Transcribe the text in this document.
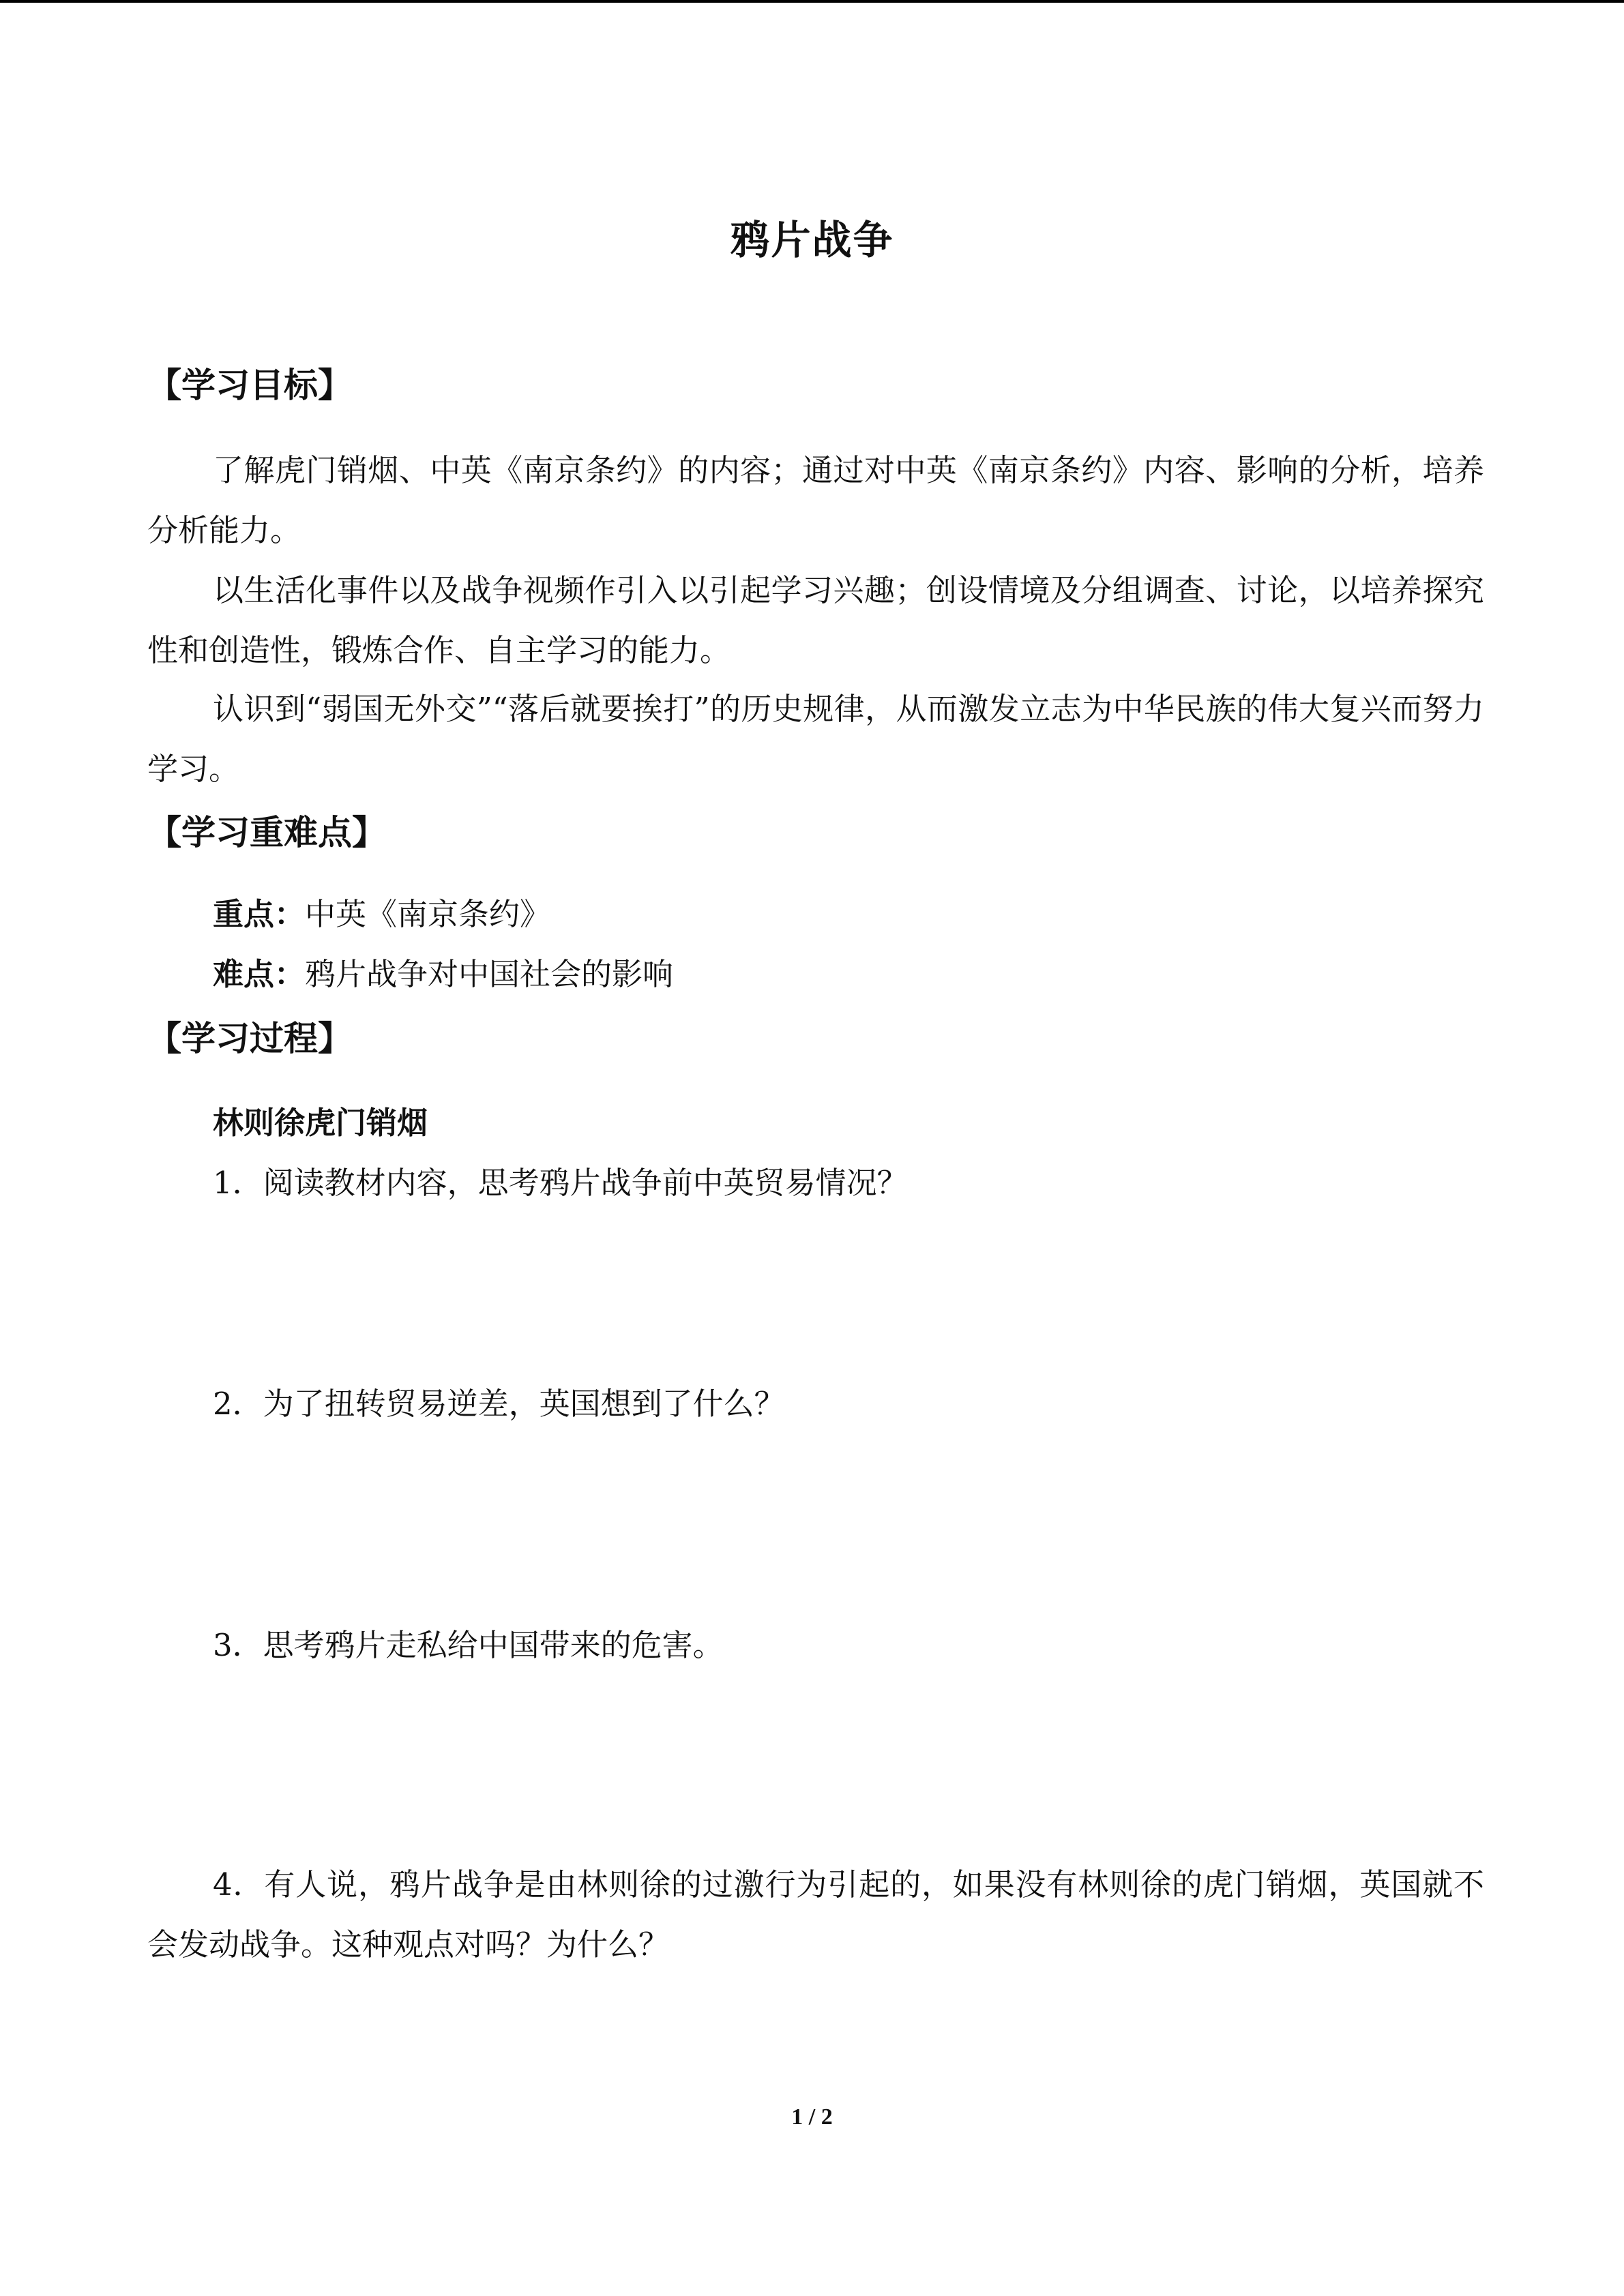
鸦片战争
【学习目标】

了解虎门销烟、中英《南京条约》的内容；通过对中英《南京条约》内容、影响的分析，培养分析能力。

以生活化事件以及战争视频作引入以引起学习兴趣；创设情境及分组调查、讨论，以培养探究性和创造性，锻炼合作、自主学习的能力。

认识到“弱国无外交”“落后就要挨打”的历史规律，从而激发立志为中华民族的伟大复兴而努力学习。

【学习重难点】
重点：中英《南京条约》
难点：鸦片战争对中国社会的影响
【学习过程】
林则徐虎门销烟
1．阅读教材内容，思考鸦片战争前中英贸易情况？
2．为了扭转贸易逆差，英国想到了什么？
3．思考鸦片走私给中国带来的危害。

4．有人说，鸦片战争是由林则徐的过激行为引起的，如果没有林则徐的虎门销烟，英国就不会发动战争。这种观点对吗？为什么？

1 / 2
